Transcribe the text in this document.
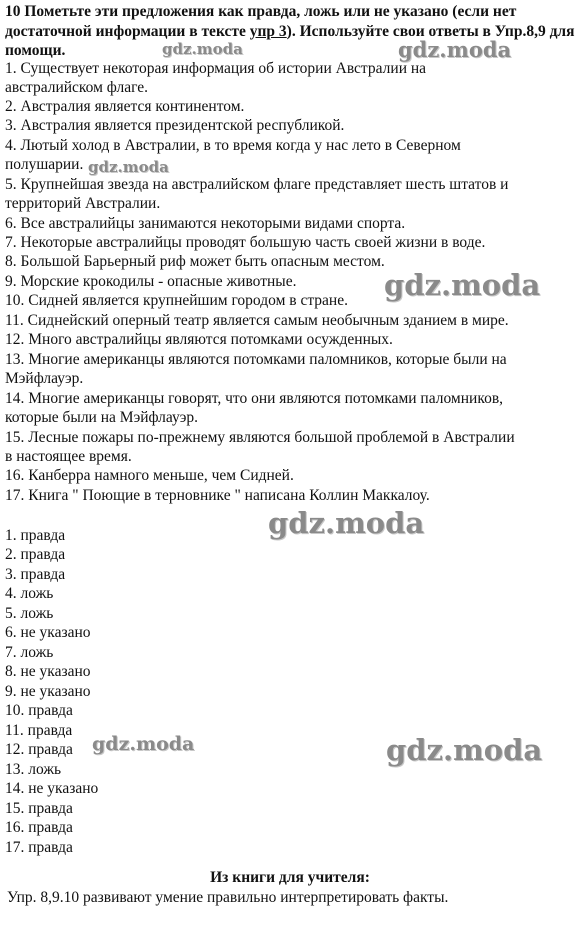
10 Пометьте эти предложения как правда, ложь или не указано (если нет достаточной информации в тексте упр 3). Используйте свои ответы в Упр.8,9 для помощи.
1. Существует некоторая информация об истории Австралии на
австралийском флаге.
2. Австралия является континентом.
3. Австралия является президентской республикой.
4. Лютый холод в Австралии, в то время когда у нас лето в Северном
полушарии.
5. Крупнейшая звезда на австралийском флаге представляет шесть штатов и
территорий Австралии.
6. Все австралийцы занимаются некоторыми видами спорта.
7. Некоторые австралийцы проводят большую часть своей жизни в воде.
8. Большой Барьерный риф может быть опасным местом.
9. Морские крокодилы - опасные животные.
10. Сидней является крупнейшим городом в стране.
11. Сиднейский оперный театр является самым необычным зданием в мире.
12. Много австралийцы являются потомками осужденных.
13. Многие американцы являются потомками паломников, которые были на
Мэйфлауэр.
14. Многие американцы говорят, что они являются потомками паломников,
которые были на Мэйфлауэр.
15. Лесные пожары по-прежнему являются большой проблемой в Австралии
в настоящее время.
16. Канберра намного меньше, чем Сидней.
17. Книга " Поющие в терновнике " написана Коллин Маккалоу.
1. правда
2. правда
3. правда
4. ложь
5. ложь
6. не указано
7. ложь
8. не указано
9. не указано
10. правда
11. правда
12. правда
13. ложь
14. не указано
15. правда
16. правда
17. правда
Из книги для учителя:
Упр. 8,9.10 развивают умение правильно интерпретировать факты.
gdz.moda	gdz.moda
gdz.moda
gdz.moda
gdz.moda
gdz.moda	gdz.moda
